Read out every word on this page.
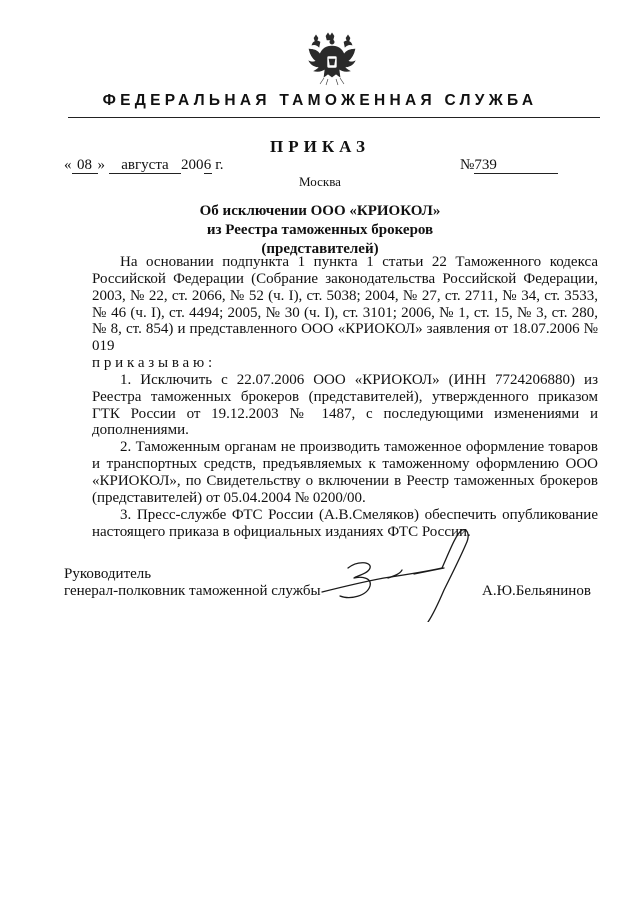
ФЕДЕРАЛЬНАЯ ТАМОЖЕННАЯ СЛУЖБА
ПРИКАЗ
« 08 » августа 2006 г.	№739
Москва
Об исключении ООО «КРИОКОЛ»
из Реестра таможенных брокеров (представителей)

На основании подпункта 1 пункта 1 статьи 22 Таможенного кодекса Российской Федерации (Собрание законодательства Российской Федерации, 2003, № 22, ст. 2066, № 52 (ч. I), ст. 5038; 2004, № 27, ст. 2711, № 34, ст. 3533, № 46 (ч. I), ст. 4494; 2005, № 30 (ч. I), ст. 3101; 2006, № 1, ст. 15, № 3, ст. 280, № 8, ст. 854) и представленного ООО «КРИОКОЛ» заявления от 18.07.2006 № 019

приказываю:

1. Исключить с 22.07.2006 ООО «КРИОКОЛ» (ИНН 7724206880) из Реестра таможенных брокеров (представителей), утвержденного приказом ГТК России от 19.12.2003 № 1487, с последующими изменениями и дополнениями.

2. Таможенным органам не производить таможенное оформление товаров и транспортных средств, предъявляемых к таможенному оформлению ООО «КРИОКОЛ», по Свидетельству о включении в Реестр таможенных брокеров (представителей) от 05.04.2004 № 0200/00.

3. Пресс-службе ФТС России (А.В.Смеляков) обеспечить опубликование настоящего приказа в официальных изданиях ФТС России.

Руководитель
генерал-полковник таможенной службы	А.Ю.Бельянинов
